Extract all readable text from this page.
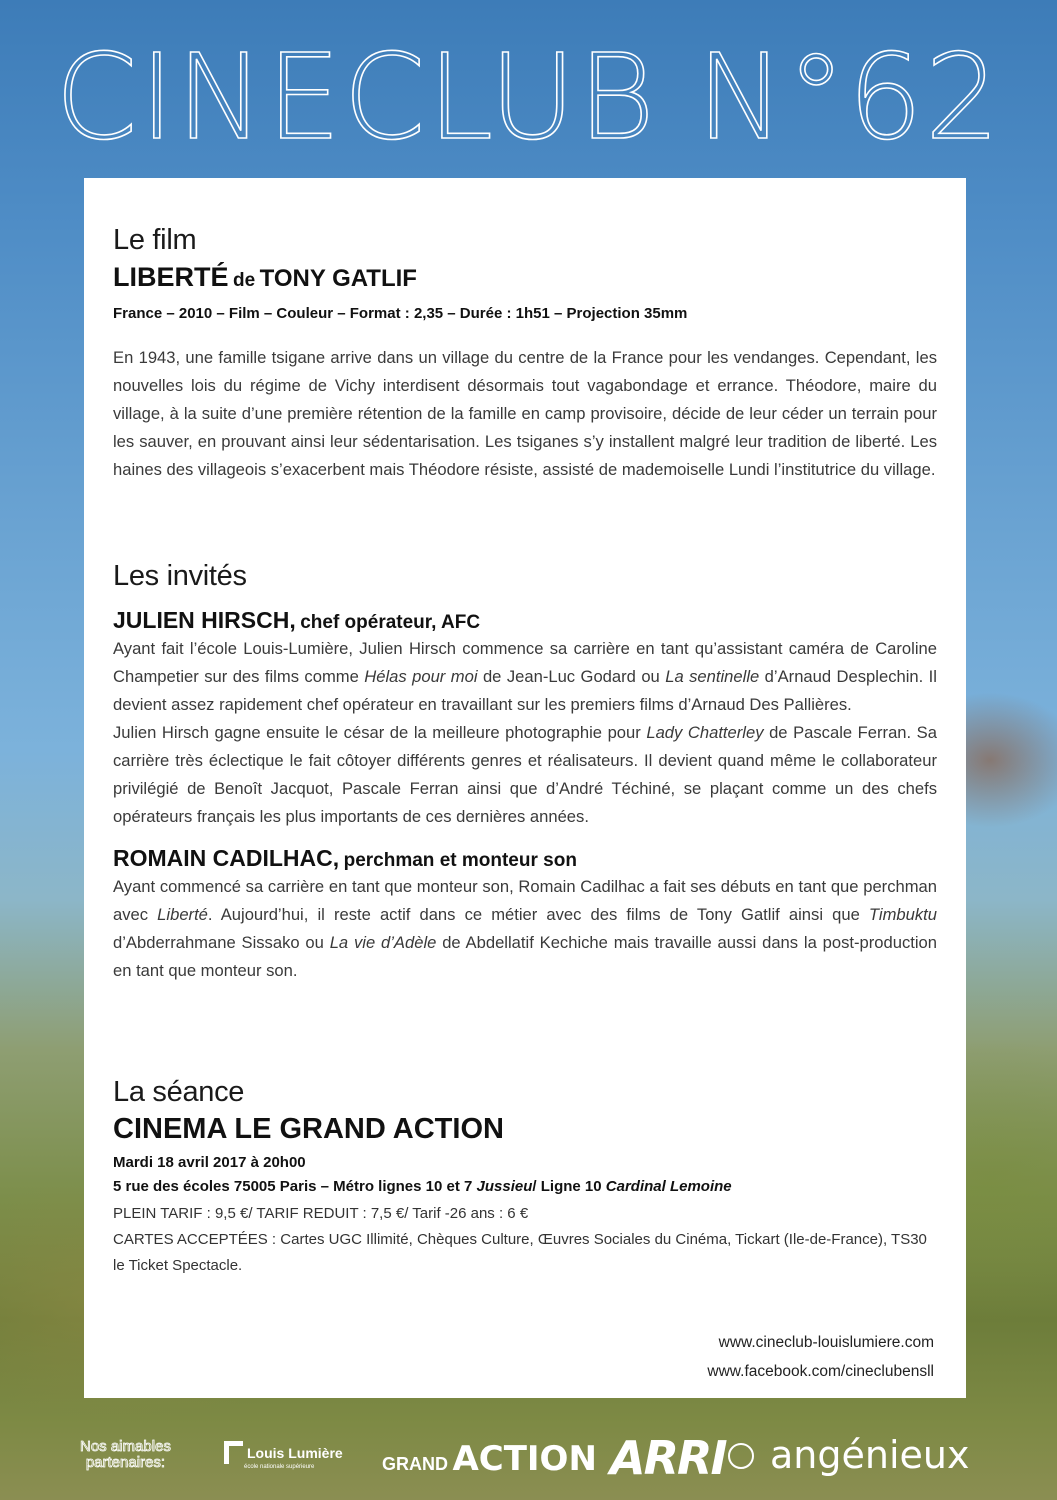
CINECLUB N°62
Le film
LIBERTÉ de TONY GATLIF

France – 2010 – Film – Couleur – Format : 2,35 – Durée : 1h51 – Projection 35mm

En 1943, une famille tsigane arrive dans un village du centre de la France pour les vendanges. Cependant, les nouvelles lois du régime de Vichy interdisent désormais tout vagabondage et errance. Théodore, maire du village, à la suite d’une première rétention de la famille en camp provisoire, décide de leur céder un terrain pour les sauver, en prouvant ainsi leur sédentarisation. Les tsiganes s’y installent malgré leur tradition de liberté. Les haines des villageois s’exacerbent mais Théodore résiste, assisté de mademoiselle Lundi l’institutrice du village.

Les invités
JULIEN HIRSCH, chef opérateur, AFC

Ayant fait l’école Louis-Lumière, Julien Hirsch commence sa carrière en tant qu’assistant caméra de Caroline Champetier sur des films comme Hélas pour moi de Jean-Luc Godard ou La sentinelle d’Arnaud Desplechin. Il devient assez rapidement chef opérateur en travaillant sur les premiers films d’Arnaud Des Pallières.

Julien Hirsch gagne ensuite le césar de la meilleure photographie pour Lady Chatterley de Pascale Ferran. Sa carrière très éclectique le fait côtoyer différents genres et réalisateurs. Il devient quand même le collaborateur privilégié de Benoît Jacquot, Pascale Ferran ainsi que d’André Téchiné, se plaçant comme un des chefs opérateurs français les plus importants de ces dernières années.

ROMAIN CADILHAC, perchman et monteur son

Ayant commencé sa carrière en tant que monteur son, Romain Cadilhac a fait ses débuts en tant que perchman avec Liberté. Aujourd’hui, il reste actif dans ce métier avec des films de Tony Gatlif ainsi que Timbuktu d’Abderrahmane Sissako ou La vie d’Adèle de Abdellatif Kechiche mais travaille aussi dans la post-production en tant que monteur son.

La séance
CINEMA LE GRAND ACTION

Mardi 18 avril 2017 à 20h00

5 rue des écoles 75005 Paris – Métro lignes 10 et 7 Jussieu/ Ligne 10 Cardinal Lemoine

PLEIN TARIF : 9,5 €/ TARIF REDUIT : 7,5 €/ Tarif -26 ans : 6 €

CARTES ACCEPTÉES : Cartes UGC Illimité, Chèques Culture, Œuvres Sociales du Cinéma, Tickart (Ile-de-France), TS30 le Ticket Spectacle.

www.cineclub-louislumiere.com
www.facebook.com/cineclubensll
Nos aimables
partenaires:
Louis Lumière
école nationale supérieure	GRAND ACTION ARRI angénieux
